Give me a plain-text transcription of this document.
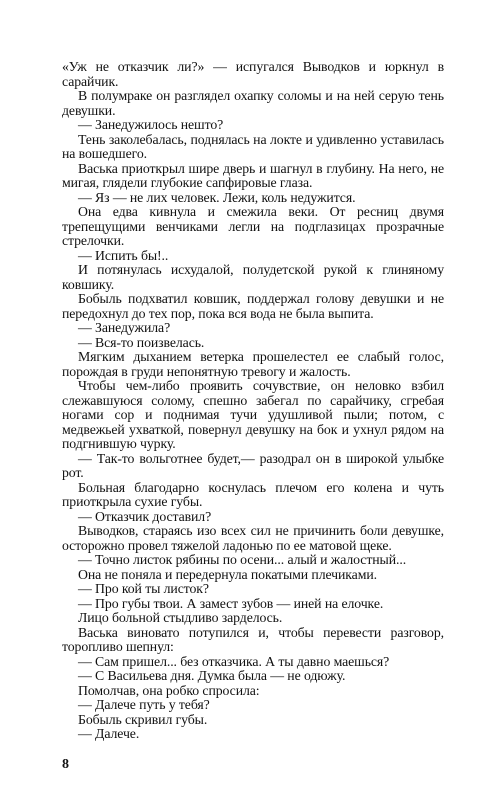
«Уж не отказчик ли?» — испугался Выводков и юркнул в сарайчик.

В полумраке он разглядел охапку соломы и на ней серую тень девушки.

— Занедужилось нешто?

Тень заколебалась, поднялась на локте и удивленно уставилась на вошедшего.

Васька приоткрыл шире дверь и шагнул в глубину. На него, не мигая, глядели глубокие сапфировые глаза.

— Яз — не лих человек. Лежи, коль недужится.

Она едва кивнула и смежила веки. От ресниц двумя трепещущими венчиками легли на подглазицах прозрачные стрелочки.

— Испить бы!..

И потянулась исхудалой, полудетской рукой к глиняному ковшику.

Бобыль подхватил ковшик, поддержал голову девушки и не передохнул до тех пор, пока вся вода не была выпита.

— Занедужила?

— Вся-то поизвелась.

Мягким дыханием ветерка прошелестел ее слабый голос, порождая в груди непонятную тревогу и жалость.

Чтобы чем-либо проявить сочувствие, он неловко взбил слежавшуюся солому, спешно забегал по сарайчику, сгребая ногами сор и поднимая тучи удушливой пыли; потом, с медвежьей ухваткой, повернул девушку на бок и ухнул рядом на подгнившую чурку.

— Так-то вольготнее будет,— разодрал он в широкой улыбке рот.

Больная благодарно коснулась плечом его колена и чуть приоткрыла сухие губы.

— Отказчик доставил?

Выводков, стараясь изо всех сил не причинить боли девушке, осторожно провел тяжелой ладонью по ее матовой щеке.

— Точно листок рябины по осени... алый и жалостный...

Она не поняла и передернула покатыми плечиками.

— Про кой ты листок?

— Про губы твои. А замест зубов — иней на елочке.

Лицо больной стыдливо зарделось.

Васька виновато потупился и, чтобы перевести разговор, торопливо шепнул:

— Сам пришел... без отказчика. А ты давно маешься?

— С Васильева дня. Думка была — не одюжу.

Помолчав, она робко спросила:

— Далече путь у тебя?

Бобыль скривил губы.

— Далече.

8
